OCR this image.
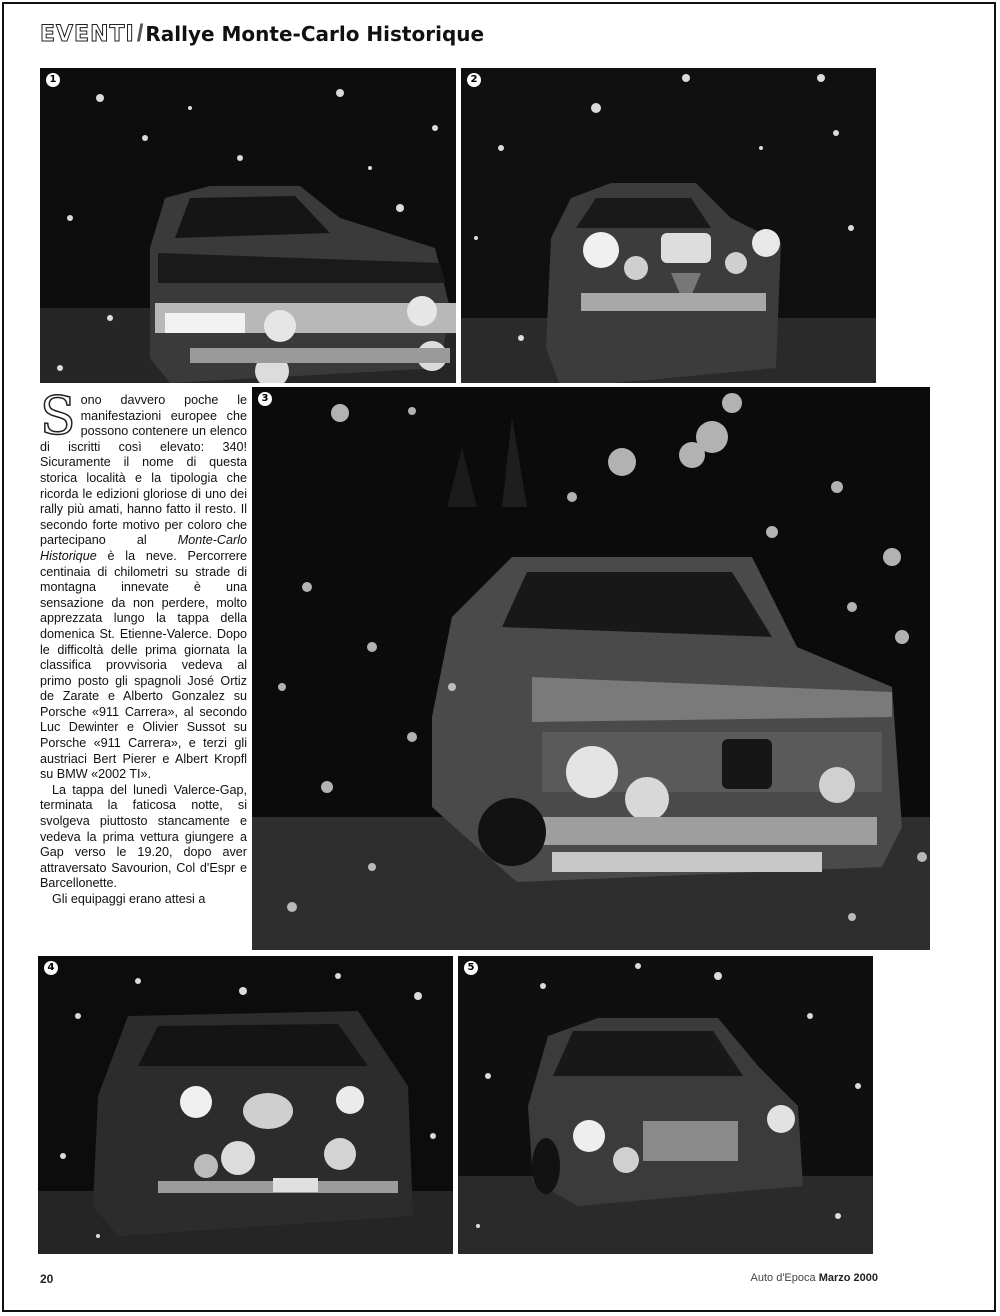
EVENTI / Rallye Monte-Carlo Historique
1	2
3
4	5

Sono davvero poche le manifestazioni europee che possono contenere un elenco di iscritti così elevato: 340! Sicuramente il nome di questa storica località e la tipologia che ricorda le edizioni gloriose di uno dei rally più amati, hanno fatto il resto. Il secondo forte motivo per coloro che partecipano al Monte-Carlo Historique è la neve. Percorrere centinaia di chilometri su strade di montagna innevate è una sensazione da non perdere, molto apprezzata lungo la tappa della domenica St. Etienne-Valerce. Dopo le difficoltà delle prima giornata la classifica provvisoria vedeva al primo posto gli spagnoli José Ortiz de Zarate e Alberto Gonzalez su Porsche «911 Carrera», al secondo Luc Dewinter e Olivier Sussot su Porsche «911 Carrera», e terzi gli austriaci Bert Pierer e Albert Kropfl su BMW «2002 TI».

La tappa del lunedì Valerce-Gap, terminata la faticosa notte, si svolgeva piuttosto stancamente e vedeva la prima vettura giungere a Gap verso le 19.20, dopo aver attraversato Savourion, Col d'Espr e Barcellonette.

Gli equipaggi erano attesi a

20	Auto d'Epoca Marzo 2000
